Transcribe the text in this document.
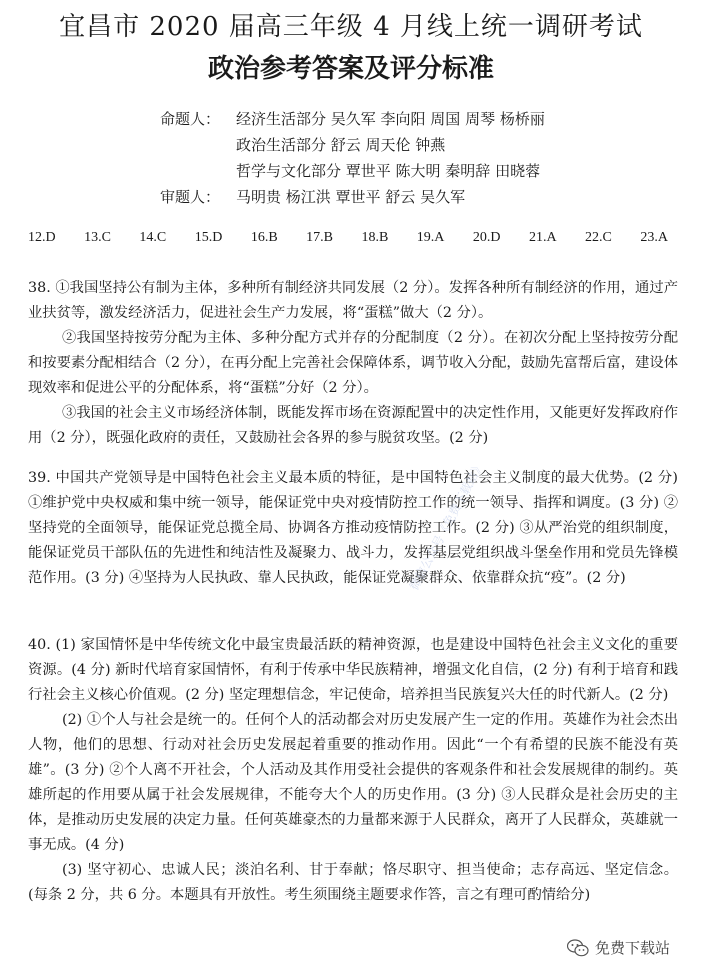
宜昌市 2020 届高三年级 4 月线上统一调研考试
政治参考答案及评分标准
命题人： 经济生活部分 吴久军 李向阳 周国 周琴 杨桥丽
政治生活部分 舒云 周天伦 钟燕
哲学与文化部分 覃世平 陈大明 秦明辞 田晓蓉
审题人： 马明贵 杨江洪 覃世平 舒云 吴久军
12.D 13.C 14.C 15.D 16.B 17.B 18.B 19.A 20.D 21.A 22.C 23.A

38. ①我国坚持公有制为主体，多种所有制经济共同发展（2 分）。发挥各种所有制经济的作用，通过产业扶贫等，激发经济活力，促进社会生产力发展，将“蛋糕”做大（2 分）。

②我国坚持按劳分配为主体、多种分配方式并存的分配制度（2 分）。在初次分配上坚持按劳分配和按要素分配相结合（2 分），在再分配上完善社会保障体系，调节收入分配，鼓励先富帮后富，建设体现效率和促进公平的分配体系，将“蛋糕”分好（2 分）。

③我国的社会主义市场经济体制，既能发挥市场在资源配置中的决定性作用，又能更好发挥政府作用（2 分），既强化政府的责任，又鼓励社会各界的参与脱贫攻坚。(2 分)

39. 中国共产党领导是中国特色社会主义最本质的特征，是中国特色社会主义制度的最大优势。(2 分) ①维护党中央权威和集中统一领导，能保证党中央对疫情防控工作的统一领导、指挥和调度。(3 分) ②坚持党的全面领导，能保证党总揽全局、协调各方推动疫情防控工作。(2 分) ③从严治党的组织制度，能保证党员干部队伍的先进性和纯洁性及凝聚力、战斗力，发挥基层党组织战斗堡垒作用和党员先锋模范作用。(3 分) ④坚持为人民执政、靠人民执政，能保证党凝聚群众、依靠群众抗“疫”。(2 分)

40. (1) 家国情怀是中华传统文化中最宝贵最活跃的精神资源，也是建设中国特色社会主义文化的重要资源。(4 分) 新时代培育家国情怀，有利于传承中华民族精神，增强文化自信，(2 分) 有利于培育和践行社会主义核心价值观。(2 分) 坚定理想信念，牢记使命，培养担当民族复兴大任的时代新人。(2 分)

(2) ①个人与社会是统一的。任何个人的活动都会对历史发展产生一定的作用。英雄作为社会杰出人物，他们的思想、行动对社会历史发展起着重要的推动作用。因此“一个有希望的民族不能没有英雄”。(3 分) ②个人离不开社会，个人活动及其作用受社会提供的客观条件和社会发展规律的制约。英雄所起的作用要从属于社会发展规律，不能夸大个人的历史作用。(3 分) ③人民群众是社会历史的主体，是推动历史发展的决定力量。任何英雄豪杰的力量都来源于人民群众，离开了人民群众，英雄就一事无成。(4 分)

(3) 坚守初心、忠诚人民；淡泊名利、甘于奉献；恪尽职守、担当使命；志存高远、坚定信念。(每条 2 分，共 6 分。本题具有开放性。考生须围绕主题要求作答，言之有理可酌情给分)

微信公众号《免费下载站》
免费下载站
